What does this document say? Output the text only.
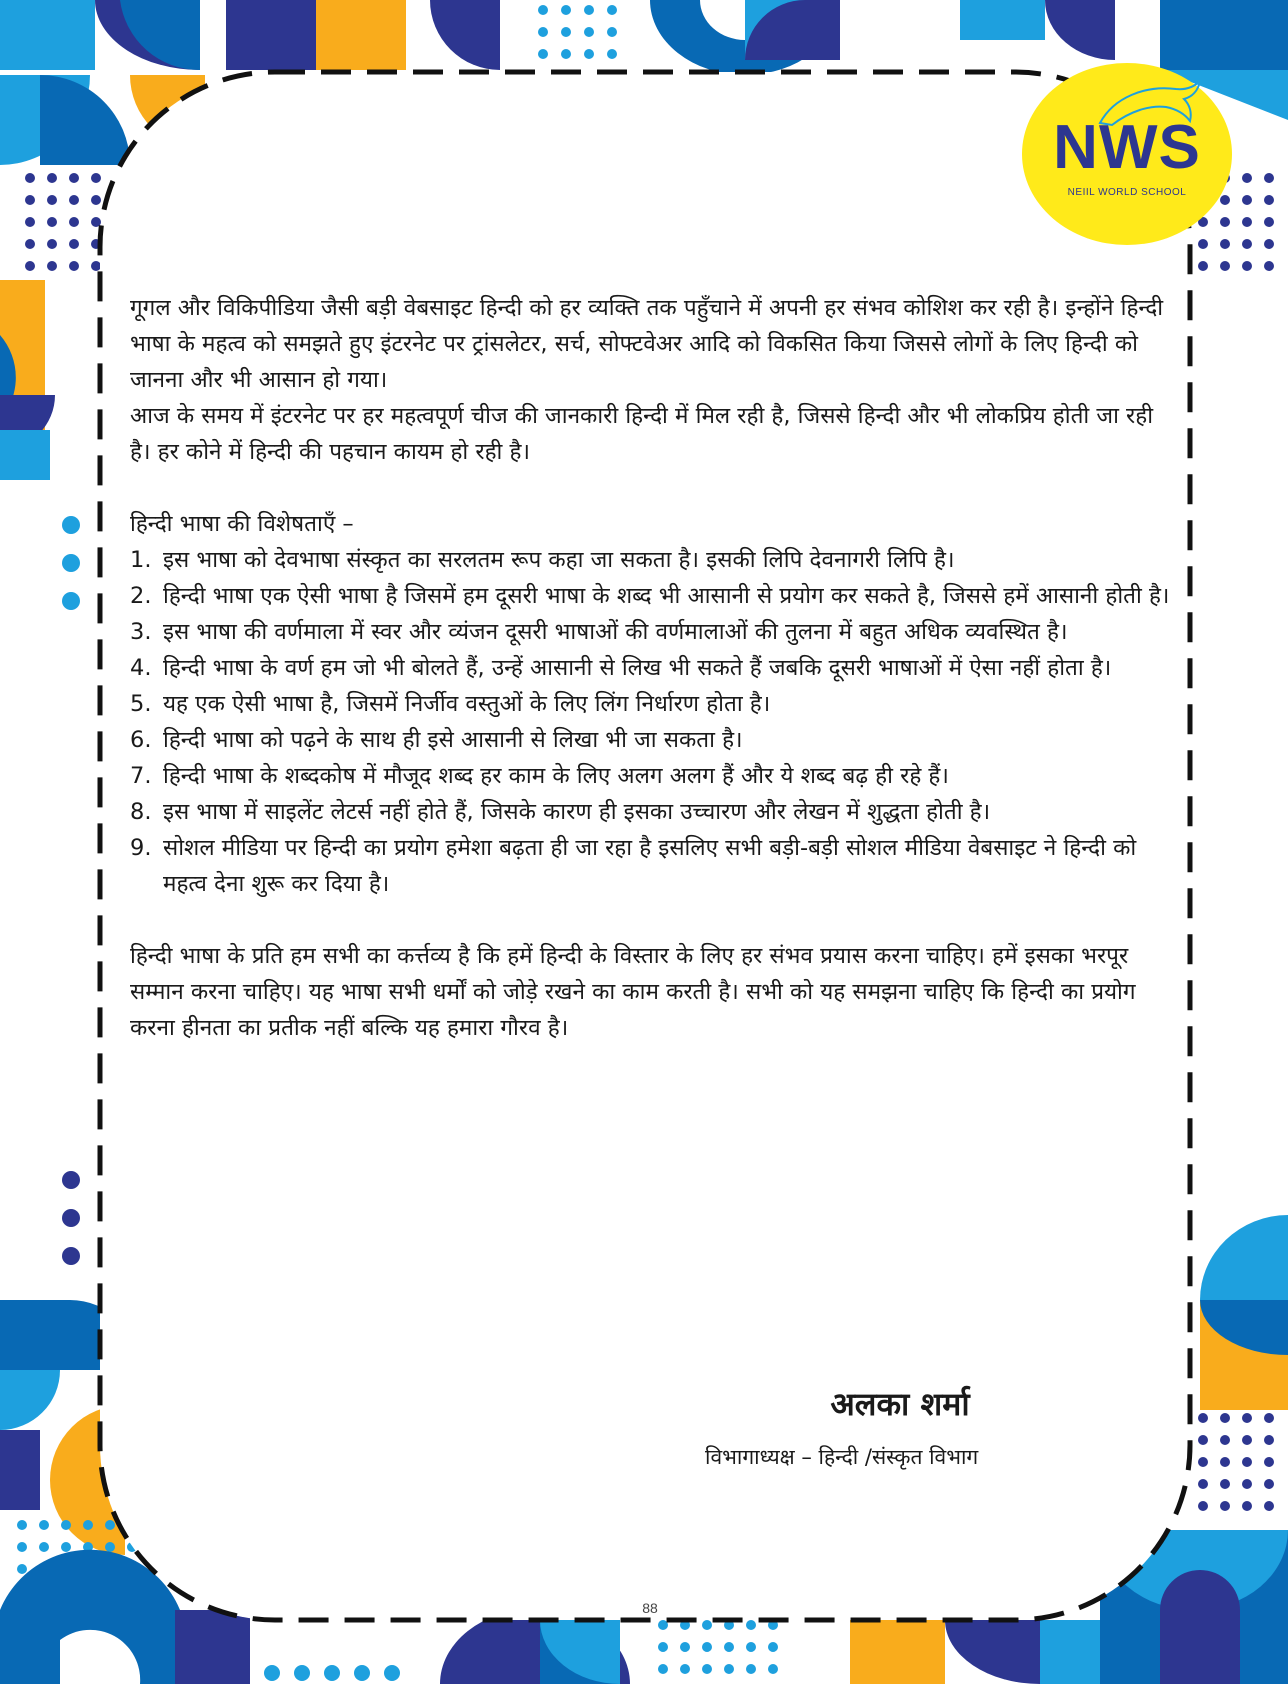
NWS
NEIIL WORLD SCHOOL

गूगल और विकिपीडिया जैसी बड़ी वेबसाइट हिन्दी को हर व्यक्ति तक पहुँचाने में अपनी हर संभव कोशिश कर रही है। इन्होंने हिन्दी भाषा के महत्व को समझते हुए इंटरनेट पर ट्रांसलेटर, सर्च, सोफ्टवेअर आदि को विकसित किया जिससे लोगों के लिए हिन्दी को जानना और भी आसान हो गया।

आज के समय में इंटरनेट पर हर महत्वपूर्ण चीज की जानकारी हिन्दी में मिल रही है, जिससे हिन्दी और भी लोकप्रिय होती जा रही है। हर कोने में हिन्दी की पहचान कायम हो रही है।

हिन्दी भाषा की विशेषताएँ –

1. इस भाषा को देवभाषा संस्कृत का सरलतम रूप कहा जा सकता है। इसकी लिपि देवनागरी लिपि है।
2. हिन्दी भाषा एक ऐसी भाषा है जिसमें हम दूसरी भाषा के शब्द भी आसानी से प्रयोग कर सकते है, जिससे हमें आसानी होती है।
3. इस भाषा की वर्णमाला में स्वर और व्यंजन दूसरी भाषाओं की वर्णमालाओं की तुलना में बहुत अधिक व्यवस्थित है।
4. हिन्दी भाषा के वर्ण हम जो भी बोलते हैं, उन्हें आसानी से लिख भी सकते हैं जबकि दूसरी भाषाओं में ऐसा नहीं होता है।
5. यह एक ऐसी भाषा है, जिसमें निर्जीव वस्तुओं के लिए लिंग निर्धारण होता है।
6. हिन्दी भाषा को पढ़ने के साथ ही इसे आसानी से लिखा भी जा सकता है।
7. हिन्दी भाषा के शब्दकोष में मौजूद शब्द हर काम के लिए अलग अलग हैं और ये शब्द बढ़ ही रहे हैं।
8. इस भाषा में साइलेंट लेटर्स नहीं होते हैं, जिसके कारण ही इसका उच्चारण और लेखन में शुद्धता होती है।
9. सोशल मीडिया पर हिन्दी का प्रयोग हमेशा बढ़ता ही जा रहा है इसलिए सभी बड़ी-बड़ी सोशल मीडिया वेबसाइट ने हिन्दी को महत्व देना शुरू कर दिया है।

हिन्दी भाषा के प्रति हम सभी का कर्त्तव्य है कि हमें हिन्दी के विस्तार के लिए हर संभव प्रयास करना चाहिए। हमें इसका भरपूर सम्मान करना चाहिए। यह भाषा सभी धर्मों को जोड़े रखने का काम करती है। सभी को यह समझना चाहिए कि हिन्दी का प्रयोग करना हीनता का प्रतीक नहीं बल्कि यह हमारा गौरव है।

अलका शर्मा
विभागाध्यक्ष – हिन्दी /संस्कृत विभाग
88
